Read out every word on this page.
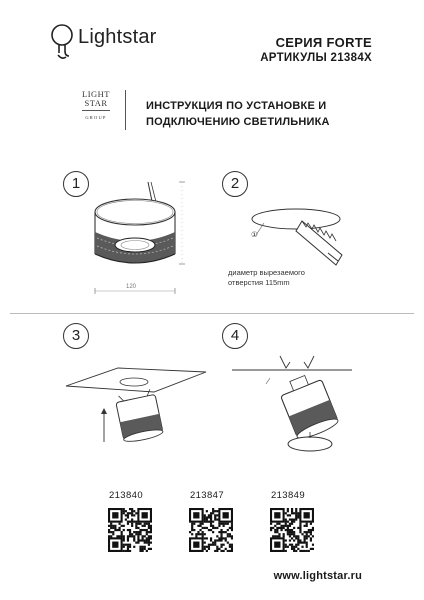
Lightstar	СЕРИЯ FORTE
АРТИКУЛЫ 21384X
LIGHT
STAR
GROUP
ИНСТРУКЦИЯ ПО УСТАНОВКЕ И
ПОДКЛЮЧЕНИЮ СВЕТИЛЬНИКА
1
120
2
①
диаметр вырезаемого
отверстия 115mm
3	4
213840	213847	213849
www.lightstar.ru
